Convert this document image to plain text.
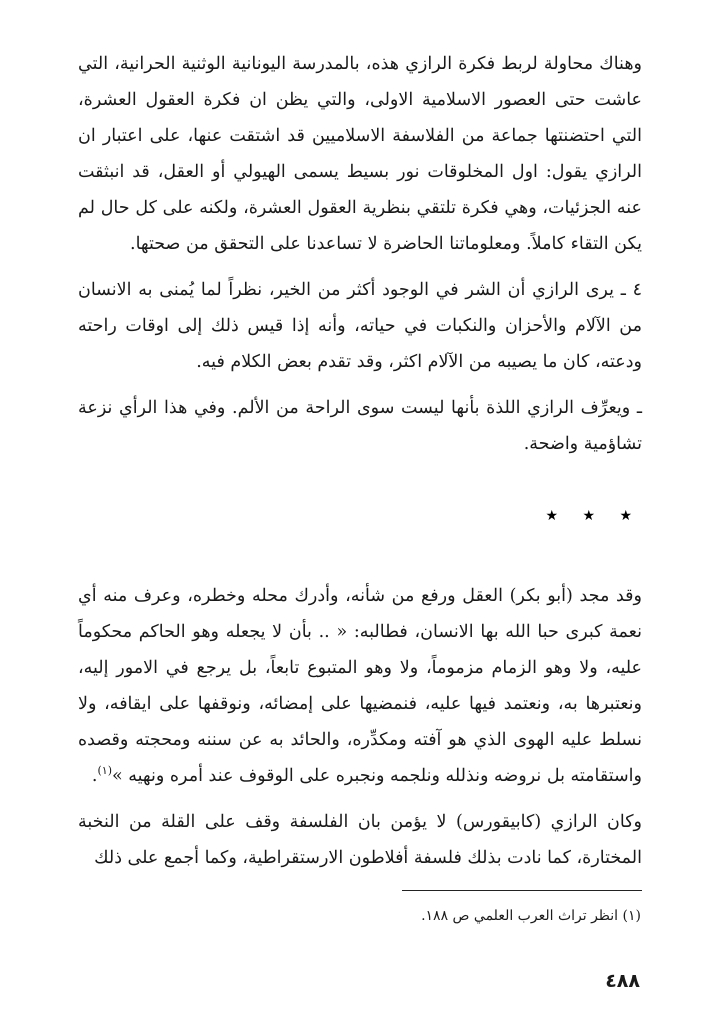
وهناك محاولة لربط فكرة الرازي هذه، بالمدرسة اليونانية الوثنية الحرانية، التي عاشت حتى العصور الاسلامية الاولى، والتي يظن ان فكرة العقول العشرة، التي احتضنتها جماعة من الفلاسفة الاسلاميين قد اشتقت عنها، على اعتبار ان الرازي يقول: اول المخلوقات نور بسيط يسمى الهيولي أو العقل، قد انبثقت عنه الجزئيات، وهي فكرة تلتقي بنظرية العقول العشرة، ولكنه على كل حال لم يكن التقاء كاملاً. ومعلوماتنا الحاضرة لا تساعدنا على التحقق من صحتها.

٤ ـ يرى الرازي أن الشر في الوجود أكثر من الخير، نظراً لما يُمنى به الانسان من الآلام والأحزان والنكبات في حياته، وأنه إذا قيس ذلك إلى اوقات راحته ودعته، كان ما يصيبه من الآلام اكثر، وقد تقدم بعض الكلام فيه.

ـ ويعرِّف الرازي اللذة بأنها ليست سوى الراحة من الألم. وفي هذا الرأي نزعة تشاؤمية واضحة.

★ ★ ★

وقد مجد (أبو بكر) العقل ورفع من شأنه، وأدرك محله وخطره، وعرف منه أي نعمة كبرى حبا الله بها الانسان، فطالبه: « .. بأن لا يجعله وهو الحاكم محكوماً عليه، ولا وهو الزمام مزموماً، ولا وهو المتبوع تابعاً، بل يرجع في الامور إليه، ونعتبرها به، ونعتمد فيها عليه، فنمضيها على إمضائه، ونوقفها على ايقافه، ولا نسلط عليه الهوى الذي هو آفته ومكدِّره، والحائد به عن سننه ومحجته وقصده واستقامته بل نروضه ونذلله ونلجمه ونجبره على الوقوف عند أمره ونهيه »$^{(١)}$.

وكان الرازي (كابيقورس) لا يؤمن بان الفلسفة وقف على القلة من النخبة المختارة، كما نادت بذلك فلسفة أفلاطون الارستقراطية، وكما أجمع على ذلك

(١) انظر تراث العرب العلمي ص ١٨٨.
٤٨٨
